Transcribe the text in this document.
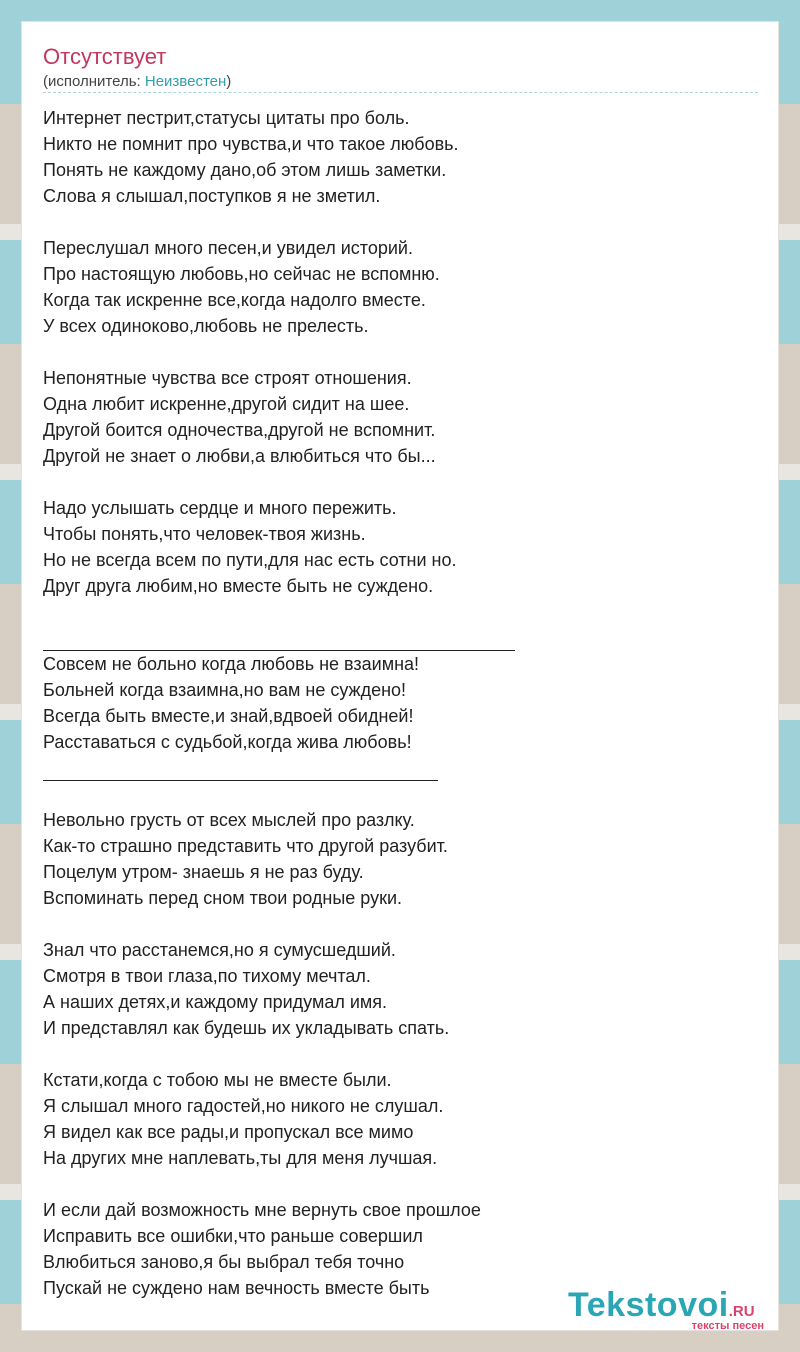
Отсутствует
(исполнитель: Неизвестен)
Интернет пестрит,статусы цитаты про боль.
Никто не помнит про чувства,и что такое любовь.
Понять не каждому дано,об этом лишь заметки.
Слова я слышал,поступков я не зметил.
Переслушал много песен,и увидел историй.
Про настоящую любовь,но сейчас не вспомню.
Когда так искренне все,когда надолго вместе.
У всех одиноково,любовь не прелесть.
Непонятные чувства все строят отношения.
Одна любит искренне,другой сидит на шее.
Другой боится одночества,другой не вспомнит.
Другой не знает о любви,а влюбиться что бы...
Надо услышать сердце и много пережить.
Чтобы понять,что человек-твоя жизнь.
Но не всегда всем по пути,для нас есть сотни но.
Друг друга любим,но вместе быть не суждено.
Совсем не больно когда любовь не взаимна!
Больней когда взаимна,но вам не суждено!
Всегда быть вместе,и знай,вдвоей обидней!
Расставаться с судьбой,когда жива любовь!
Невольно грусть от всех мыслей про разлку.
Как-то страшно представить что другой разубит.
Поцелум утром- знаешь я не раз буду.
Вспоминать перед сном твои родные руки.
Знал что расстанемся,но я сумусшедший.
Смотря в твои глаза,по тихому мечтал.
А наших детях,и каждому придумал имя.
И представлял как будешь их укладывать спать.
Кстати,когда с тобою мы не вместе были.
Я слышал много гадостей,но никого не слушал.
Я видел как все рады,и пропускал все мимо
На других мне наплевать,ты для меня лучшая.
И если дай возможность мне вернуть свое прошлое
Исправить все ошибки,что раньше совершил
Влюбиться заново,я бы выбрал тебя точно
Пускай не суждено нам вечность вместе быть	Tekstovoi.RU
тексты песен
